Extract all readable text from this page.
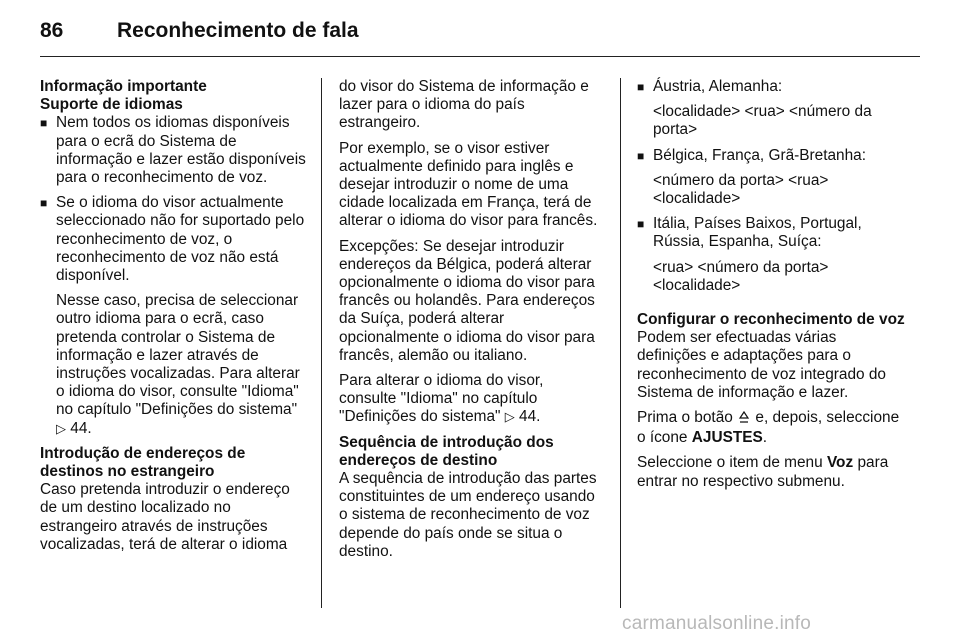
86	Reconhecimento de fala
Informação importante
Suporte de idiomas
■ Nem todos os idiomas disponíveis para o ecrã do Sistema de informação e lazer estão disponíveis para o reconhecimento de voz.
■ Se o idioma do visor actualmente seleccionado não for suportado pelo reconhecimento de voz, o reconhecimento de voz não está disponível.
Nesse caso, precisa de seleccionar outro idioma para o ecrã, caso pretenda controlar o Sistema de informação e lazer através de instruções vocalizadas. Para alterar o idioma do visor, consulte "Idioma" no capítulo "Definições do sistema" ▷ 44.
Introdução de endereços de destinos no estrangeiro

Caso pretenda introduzir o endereço de um destino localizado no estrangeiro através de instruções vocalizadas, terá de alterar o idioma

do visor do Sistema de informação e lazer para o idioma do país estrangeiro.

Por exemplo, se o visor estiver actualmente definido para inglês e desejar introduzir o nome de uma cidade localizada em França, terá de alterar o idioma do visor para francês.

Excepções: Se desejar introduzir endereços da Bélgica, poderá alterar opcionalmente o idioma do visor para francês ou holandês. Para endereços da Suíça, poderá alterar opcionalmente o idioma do visor para francês, alemão ou italiano.

Para alterar o idioma do visor, consulte "Idioma" no capítulo "Definições do sistema" ▷ 44.

Sequência de introdução dos endereços de destino

A sequência de introdução das partes constituintes de um endereço usando o sistema de reconhecimento de voz depende do país onde se situa o destino.

■ Áustria, Alemanha:
<localidade> <rua> <número da porta>
■ Bélgica, França, Grã-Bretanha:
<número da porta> <rua> <localidade>
■ Itália, Países Baixos, Portugal, Rússia, Espanha, Suíça:
<rua> <número da porta> <localidade>
Configurar o reconhecimento de voz

Podem ser efectuadas várias definições e adaptações para o reconhecimento de voz integrado do Sistema de informação e lazer.

Prima o botão e, depois, seleccione o ícone AJUSTES.

Seleccione o item de menu Voz para entrar no respectivo submenu.

carmanualsonline.info
